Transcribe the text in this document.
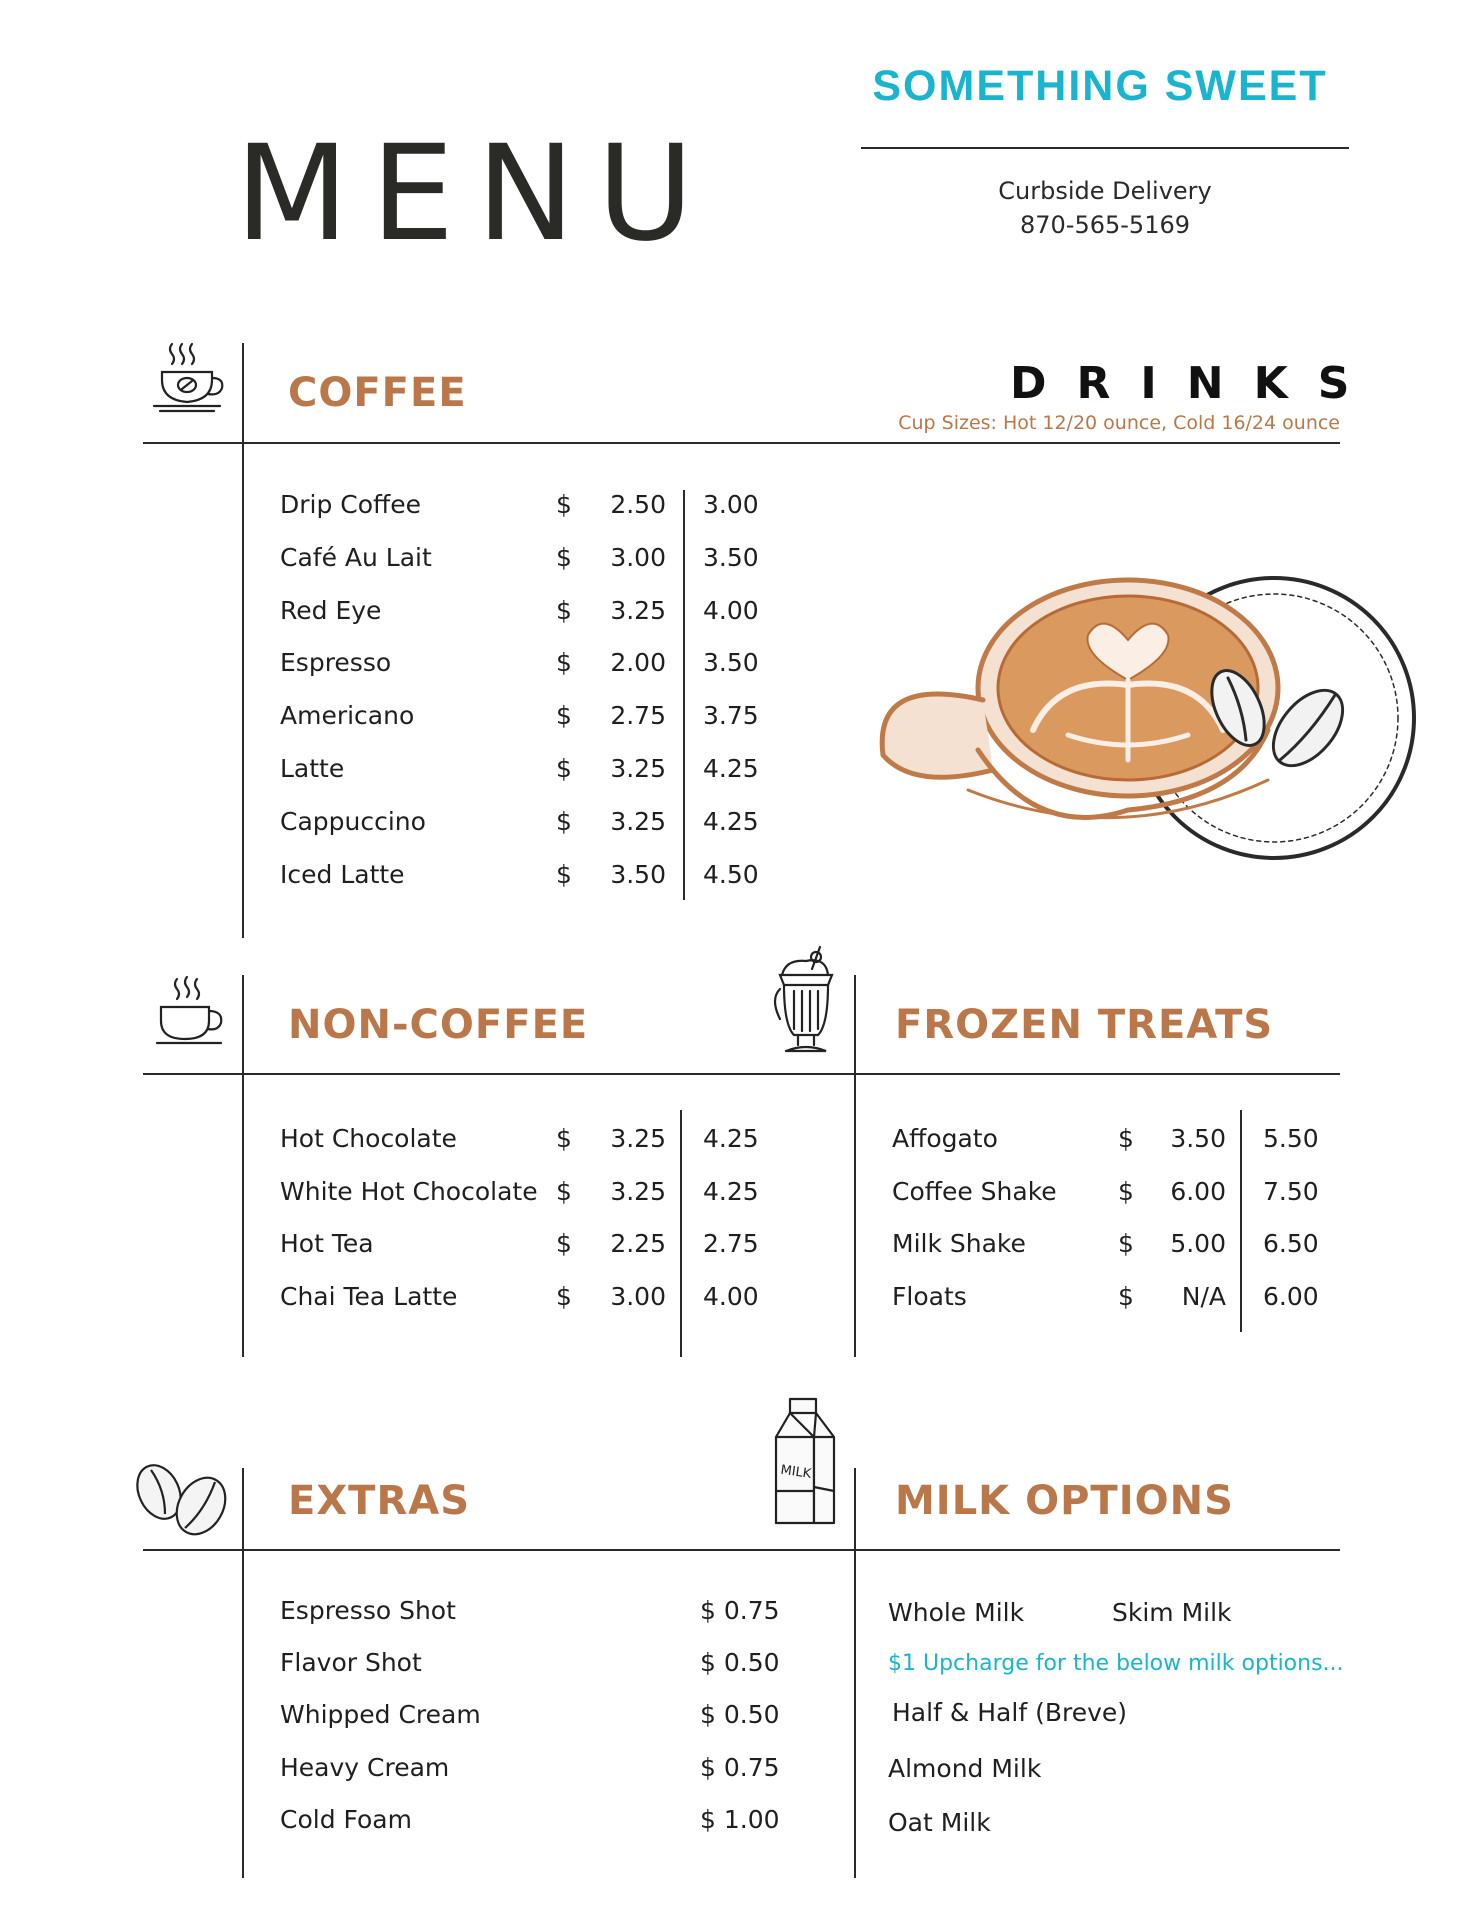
SOMETHING SWEET
Curbside Delivery
870-565-5169
MENU
COFFEE	DRINKS
Cup Sizes: Hot 12/20 ounce, Cold 16/24 ounce
Drip Coffee	$	2.50 3.00
Café Au Lait	$	3.00 3.50
Red Eye	$	3.25 4.00
Espresso	$	2.00 3.50
Americano	$	2.75 3.75
Latte	$	3.25 4.25
Cappuccino	$	3.25 4.25
Iced Latte	$	3.50 4.50
NON-COFFEE	FROZEN TREATS
Hot Chocolate	$	3.25 4.25
White Hot Chocolate $	3.25 4.25
Hot Tea	$	2.25 2.75
Chai Tea Latte	$	3.00 4.00
Affogato	$	3.50 5.50
Coffee Shake $	6.00 7.50
Milk Shake	$	5.00 6.50
Floats	$	N/A 6.00
EXTRAS
MILK
MILK OPTIONS
Espresso Shot	$ 0.75
Flavor Shot	$ 0.50
Whipped Cream	$ 0.50
Heavy Cream	$ 0.75
Cold Foam	$ 1.00
Whole Milk	Skim Milk
$1 Upcharge for the below milk options...
Half & Half (Breve)
Almond Milk
Oat Milk
